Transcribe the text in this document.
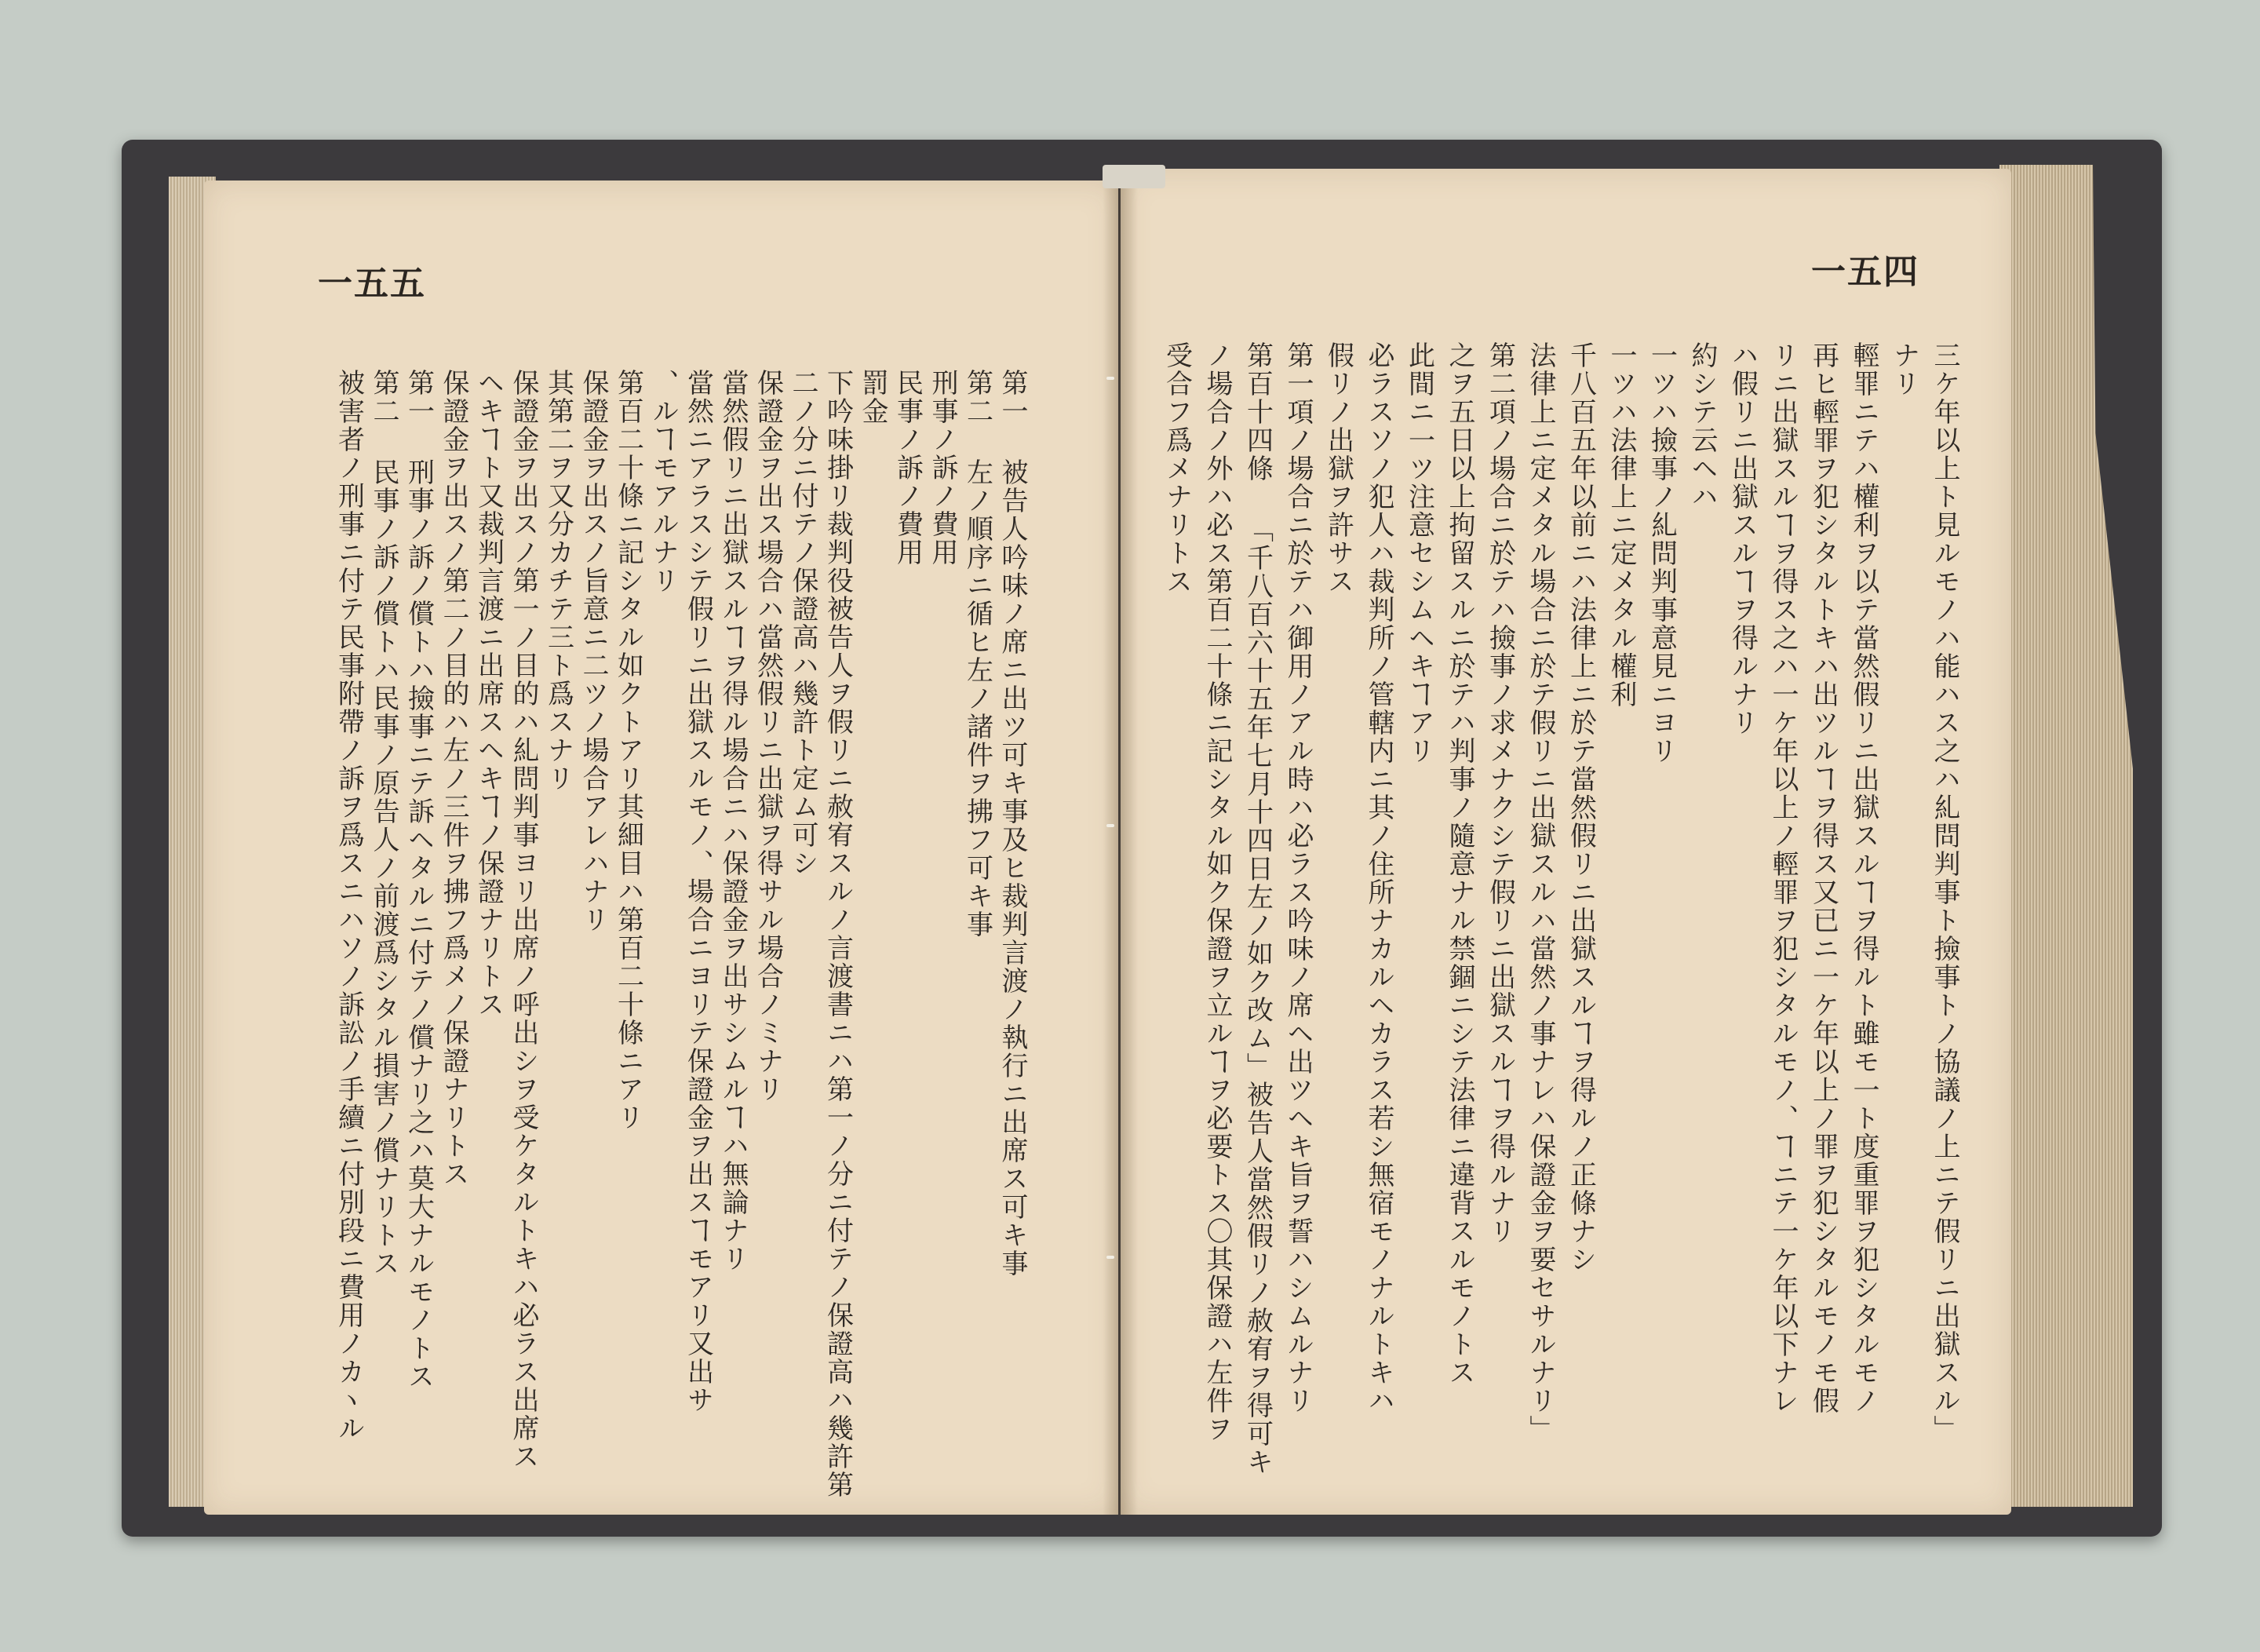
一五五
第一 被告人吟味ノ席ニ出ツ可キ事及ヒ裁判言渡ノ執行ニ出席ス可キ事
第二 左ノ順序ニ循ヒ左ノ諸件ヲ拂フ可キ事
刑事ノ訴ノ費用
民事ノ訴ノ費用
罰金
下吟味掛リ裁判役被告人ヲ假リニ赦宥スルノ言渡書ニハ第一ノ分ニ付テノ保證高ハ幾許第
二ノ分ニ付テノ保證高ハ幾許ト定ム可シ
保證金ヲ出ス場合ハ當然假リニ出獄ヲ得サル場合ノミナリ
當然假リニ出獄スルヿヲ得ル場合ニハ保證金ヲ出サシムルヿハ無論ナリ
當然ニアラスシテ假リニ出獄スルモノ、場合ニヨリテ保證金ヲ出スヿモアリ又出サ
、ルヿモアルナリ
第百二十條ニ記シタル如クトアリ其細目ハ第百二十條ニアリ
保證金ヲ出スノ旨意ニ二ツノ場合アレハナリ
其第二ヲ又分カチテ三ト爲スナリ
保證金ヲ出スノ第一ノ目的ハ糺問判事ヨリ出席ノ呼出シヲ受ケタルトキハ必ラス出席ス
ヘキヿト又裁判言渡ニ出席スヘキヿノ保證ナリトス
保證金ヲ出スノ第二ノ目的ハ左ノ三件ヲ拂フ爲メノ保證ナリトス
第一 刑事ノ訴ノ償トハ撿事ニテ訴ヘタルニ付テノ償ナリ之ハ莫大ナルモノトス
第二 民事ノ訴ノ償トハ民事ノ原告人ノ前渡爲シタル損害ノ償ナリトス
被害者ノ刑事ニ付テ民事附帶ノ訴ヲ爲スニハソノ訴訟ノ手續ニ付別段ニ費用ノカヽル
一五四
三ケ年以上ト見ルモノハ能ハス之ハ糺問判事ト撿事トノ協議ノ上ニテ假リニ出獄スル」
ナリ
輕罪ニテハ權利ヲ以テ當然假リニ出獄スルヿヲ得ルト雖モ一ト度重罪ヲ犯シタルモノ
再ヒ輕罪ヲ犯シタルトキハ出ツルヿヲ得ス又已ニ一ケ年以上ノ罪ヲ犯シタルモノモ假
リニ出獄スルヿヲ得ス之ハ一ケ年以上ノ輕罪ヲ犯シタルモノ、ヿニテ一ケ年以下ナレ
ハ假リニ出獄スルヿヲ得ルナリ
約シテ云ヘハ
一ツハ撿事ノ糺問判事意見ニヨリ
一ツハ法律上ニ定メタル權利
千八百五年以前ニハ法律上ニ於テ當然假リニ出獄スルヿヲ得ルノ正條ナシ
法律上ニ定メタル場合ニ於テ假リニ出獄スルハ當然ノ事ナレハ保證金ヲ要セサルナリ」
第二項ノ場合ニ於テハ撿事ノ求メナクシテ假リニ出獄スルヿヲ得ルナリ
之ヲ五日以上拘留スルニ於テハ判事ノ隨意ナル禁錮ニシテ法律ニ違背スルモノトス
此間ニ一ツ注意セシムヘキヿアリ
必ラスソノ犯人ハ裁判所ノ管轄内ニ其ノ住所ナカルヘカラス若シ無宿モノナルトキハ
假リノ出獄ヲ許サス
第一項ノ場合ニ於テハ御用ノアル時ハ必ラス吟味ノ席ヘ出ツヘキ旨ヲ誓ハシムルナリ
第百十四條 「千八百六十五年七月十四日左ノ如ク改ム」被告人當然假リノ赦宥ヲ得可キ
ノ場合ノ外ハ必ス第百二十條ニ記シタル如ク保證ヲ立ルヿヲ必要トス〇其保證ハ左件ヲ
受合フ爲メナリトス
